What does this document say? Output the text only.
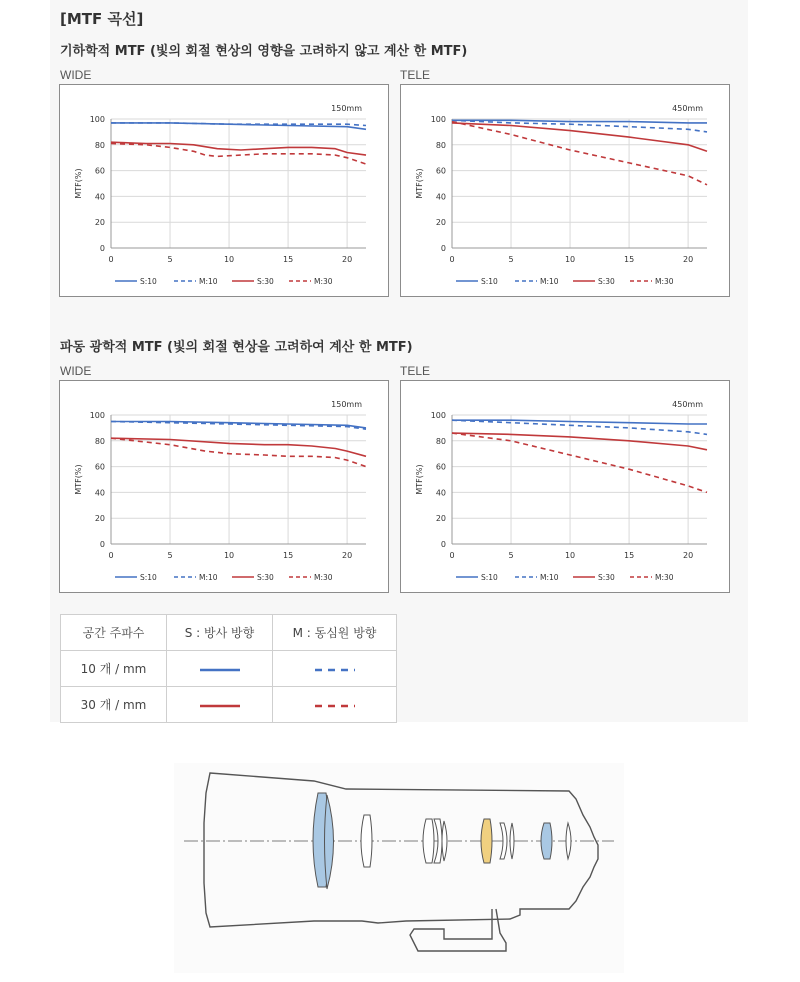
[MTF 곡선]
기하학적 MTF (빛의 회절 현상의 영향을 고려하지 않고 계산 한 MTF)
WIDE	TELE
0
20
40
60
80
100
0	5	10	15	20
MTF(%)
150mm
S:10	M:10	S:30	M:30
0
20
40
60
80
100
0	5	10	15	20
MTF(%)
450mm
S:10	M:10	S:30	M:30
파동 광학적 MTF (빛의 회절 현상을 고려하여 계산 한 MTF)
WIDE	TELE
0
20
40
60
80
100
0	5	10	15	20
MTF(%)
150mm
S:10	M:10	S:30	M:30
0
20
40
60
80
100
0	5	10	15	20
MTF(%)
450mm
S:10	M:10	S:30	M:30
공간 주파수	S : 방사 방향	M : 동심원 방향
10 개 / mm		
30 개 / mm		
